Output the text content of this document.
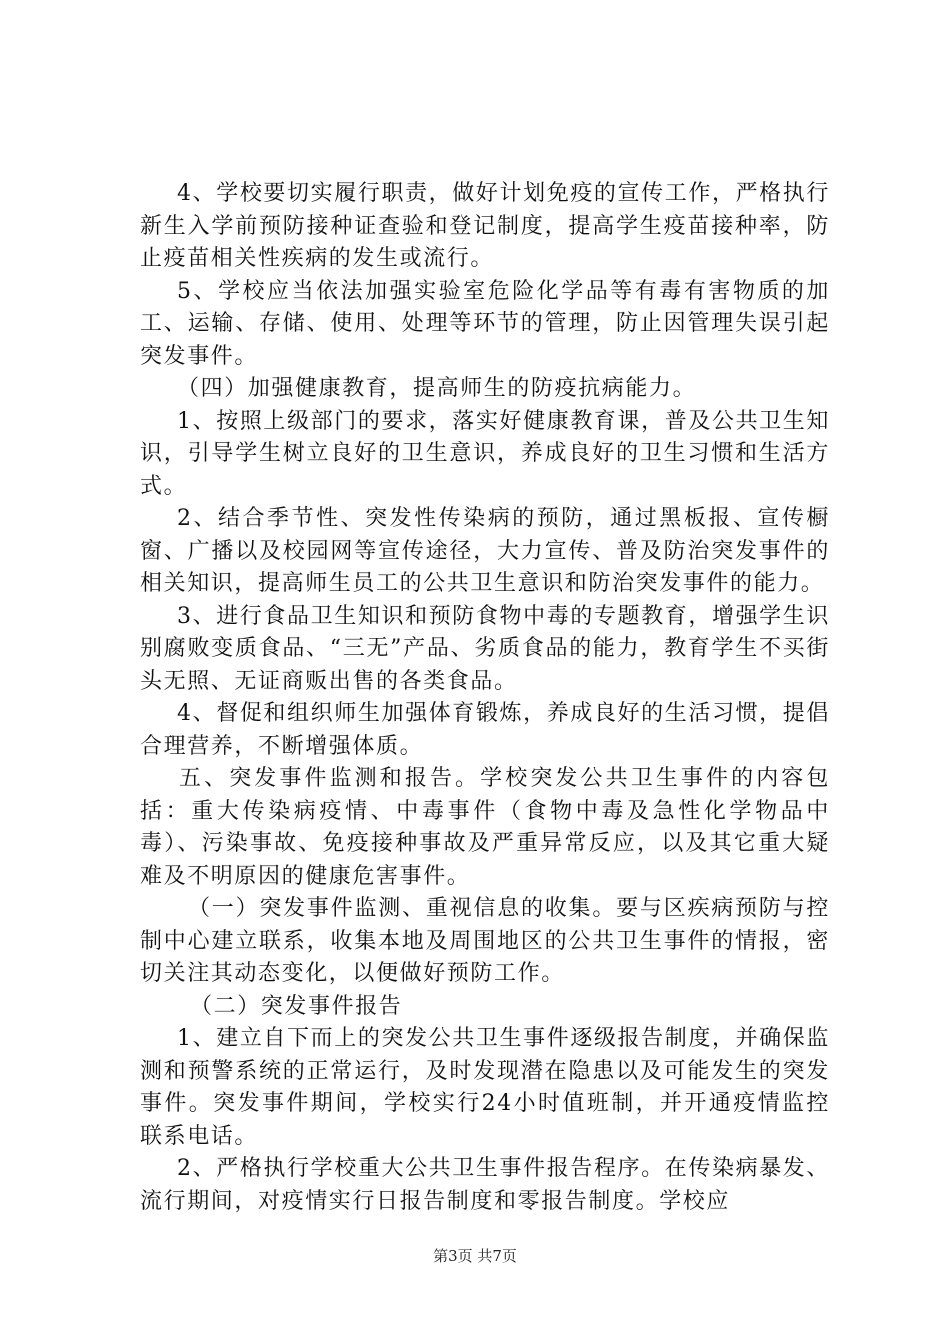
4、学校要切实履行职责，做好计划免疫的宣传工作，严格执行新生入学前预防接种证查验和登记制度，提高学生疫苗接种率，防止疫苗相关性疾病的发生或流行。

5、学校应当依法加强实验室危险化学品等有毒有害物质的加工、运输、存储、使用、处理等环节的管理，防止因管理失误引起突发事件。

（四）加强健康教育，提高师生的防疫抗病能力。

1、按照上级部门的要求，落实好健康教育课，普及公共卫生知识，引导学生树立良好的卫生意识，养成良好的卫生习惯和生活方式。

2、结合季节性、突发性传染病的预防，通过黑板报、宣传橱窗、广播以及校园网等宣传途径，大力宣传、普及防治突发事件的相关知识，提高师生员工的公共卫生意识和防治突发事件的能力。

3、进行食品卫生知识和预防食物中毒的专题教育，增强学生识别腐败变质食品、“三无”产品、劣质食品的能力，教育学生不买街头无照、无证商贩出售的各类食品。

4、督促和组织师生加强体育锻炼，养成良好的生活习惯，提倡合理营养，不断增强体质。

五、突发事件监测和报告。学校突发公共卫生事件的内容包括：重大传染病疫情、中毒事件（食物中毒及急性化学物品中毒）、污染事故、免疫接种事故及严重异常反应，以及其它重大疑难及不明原因的健康危害事件。

（一）突发事件监测、重视信息的收集。要与区疾病预防与控制中心建立联系，收集本地及周围地区的公共卫生事件的情报，密切关注其动态变化，以便做好预防工作。

（二）突发事件报告

1、建立自下而上的突发公共卫生事件逐级报告制度，并确保监测和预警系统的正常运行，及时发现潜在隐患以及可能发生的突发事件。突发事件期间，学校实行24小时值班制，并开通疫情监控联系电话。

2、严格执行学校重大公共卫生事件报告程序。在传染病暴发、流行期间，对疫情实行日报告制度和零报告制度。学校应

第3页 共7页
